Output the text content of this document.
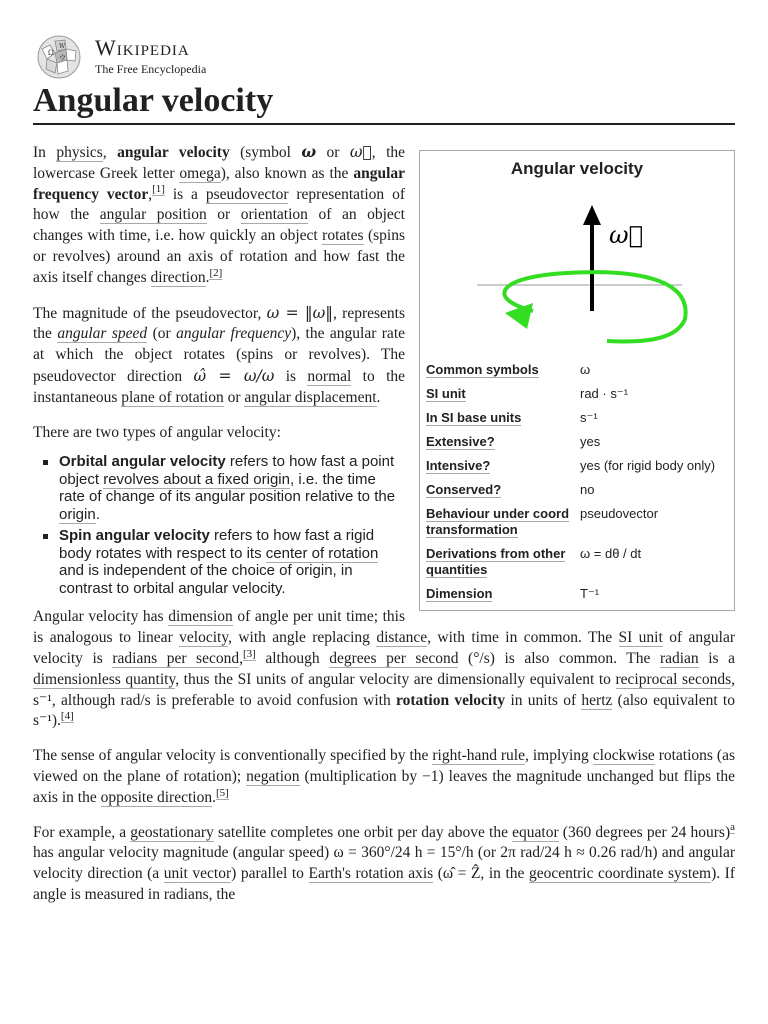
Ω
W
ウ Wikipedia
The Free Encyclopedia
Angular velocity
Angular velocity
ω⃗
Common symbols	ω
SI unit	rad · s⁻¹
In SI base units	s⁻¹
Extensive?	yes
Intensive?	yes (for rigid body only)
Conserved?	no
Behaviour under coord transformation	pseudovector
Derivations from other quantities	ω = dθ / dt
Dimension	T⁻¹

In physics, angular velocity (symbol ω or ω⃗, the lowercase Greek letter omega), also known as the angular frequency vector,[1] is a pseudovector representation of how the angular position or orientation of an object changes with time, i.e. how quickly an object rotates (spins or revolves) around an axis of rotation and how fast the axis itself changes direction.[2]

The magnitude of the pseudovector, ω = ‖ω‖, represents the angular speed (or angular frequency), the angular rate at which the object rotates (spins or revolves). The pseudovector direction ω̂ = ω/ω is normal to the instantaneous plane of rotation or angular displacement.

There are two types of angular velocity:

Orbital angular velocity refers to how fast a point object revolves about a fixed origin, i.e. the time rate of change of its angular position relative to the origin.
Spin angular velocity refers to how fast a rigid body rotates with respect to its center of rotation and is independent of the choice of origin, in contrast to orbital angular velocity.

Angular velocity has dimension of angle per unit time; this is analogous to linear velocity, with angle replacing distance, with time in common. The SI unit of angular velocity is radians per second,[3] although degrees per second (°/s) is also common. The radian is a dimensionless quantity, thus the SI units of angular velocity are dimensionally equivalent to reciprocal seconds, s⁻¹, although rad/s is preferable to avoid confusion with rotation velocity in units of hertz (also equivalent to s⁻¹).[4]

The sense of angular velocity is conventionally specified by the right-hand rule, implying clockwise rotations (as viewed on the plane of rotation); negation (multiplication by −1) leaves the magnitude unchanged but flips the axis in the opposite direction.[5]

For example, a geostationary satellite completes one orbit per day above the equator (360 degrees per 24 hours)$^a$ has angular velocity magnitude (angular speed) ω = 360°/24 h = 15°/h (or 2π rad/24 h ≈ 0.26 rad/h) and angular velocity direction (a unit vector) parallel to Earth's rotation axis (ω̂ = Ẑ, in the geocentric coordinate system). If angle is measured in radians, the
